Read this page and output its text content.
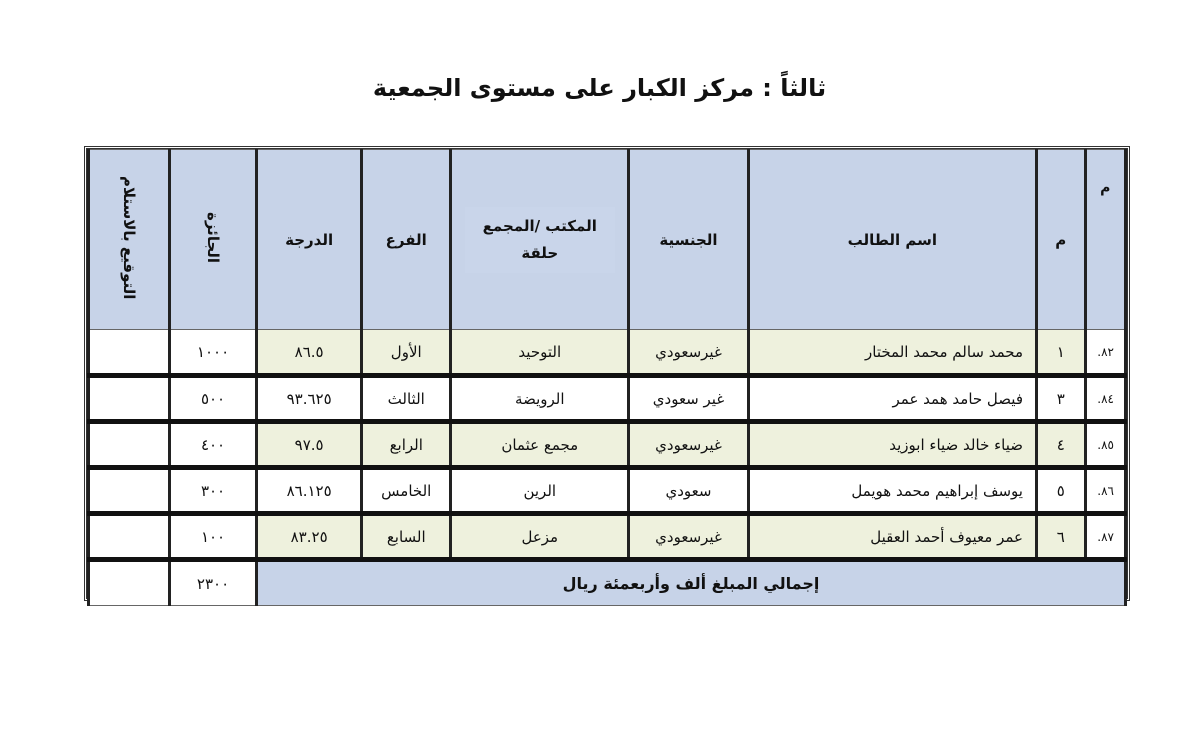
ثالثاً : مركز الكبار على مستوى الجمعية
م	م	اسم الطالب	الجنسية	المكتب /المجمع حلقة	الفرع	الدرجة	الجائزة	التوقيع بالاستلام
٨٢.	١	محمد سالم محمد المختار	غيرسعودي	التوحيد	الأول	٨٦.٥	١٠٠٠	
٨٤.	٣	فيصل حامد همد عمر	غير سعودي	الرويضة	الثالث	٩٣.٦٢٥	٥٠٠	
٨٥.	٤	ضياء خالد ضياء ابوزيد	غيرسعودي	مجمع عثمان	الرابع	٩٧.٥	٤٠٠	
٨٦.	٥	يوسف إبراهيم محمد هويمل	سعودي	الرين	الخامس	٨٦.١٢٥	٣٠٠	
٨٧.	٦	عمر معيوف أحمد العقيل	غيرسعودي	مزعل	السابع	٨٣.٢٥	١٠٠	
إجمالي المبلغ ألف وأربعمئة ريال							٢٣٠٠	
